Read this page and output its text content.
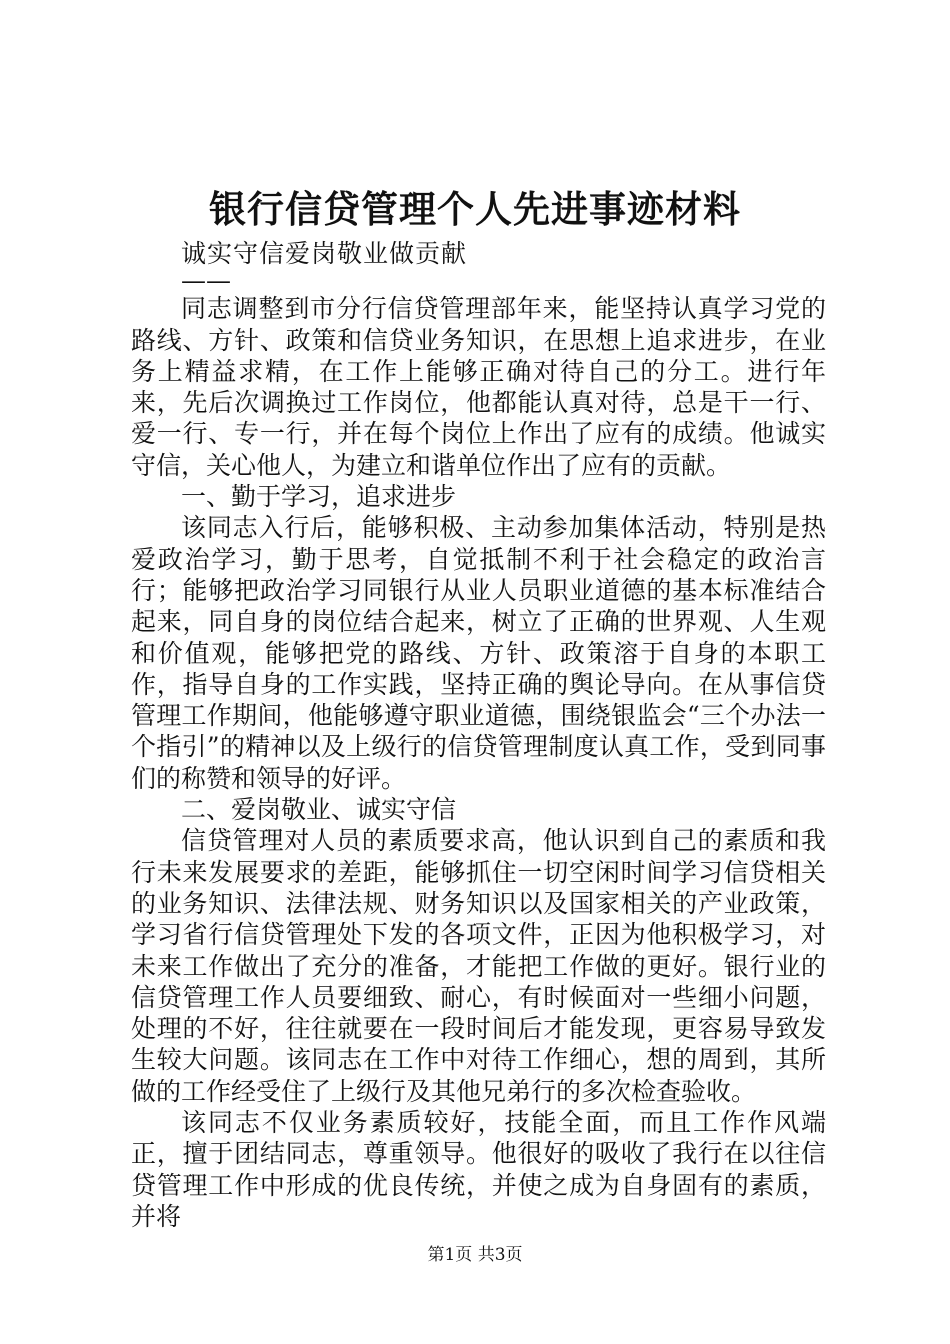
银行信贷管理个人先进事迹材料

诚实守信爱岗敬业做贡献

——

同志调整到市分行信贷管理部年来，能坚持认真学习党的路线、方针、政策和信贷业务知识，在思想上追求进步，在业务上精益求精，在工作上能够正确对待自己的分工。进行年来，先后次调换过工作岗位，他都能认真对待，总是干一行、爱一行、专一行，并在每个岗位上作出了应有的成绩。他诚实守信，关心他人，为建立和谐单位作出了应有的贡献。

一、勤于学习，追求进步

该同志入行后，能够积极、主动参加集体活动，特别是热爱政治学习，勤于思考，自觉抵制不利于社会稳定的政治言行；能够把政治学习同银行从业人员职业道德的基本标准结合起来，同自身的岗位结合起来，树立了正确的世界观、人生观和价值观，能够把党的路线、方针、政策溶于自身的本职工作，指导自身的工作实践，坚持正确的舆论导向。在从事信贷管理工作期间，他能够遵守职业道德，围绕银监会“三个办法一个指引”的精神以及上级行的信贷管理制度认真工作，受到同事们的称赞和领导的好评。

二、爱岗敬业、诚实守信

信贷管理对人员的素质要求高，他认识到自己的素质和我行未来发展要求的差距，能够抓住一切空闲时间学习信贷相关的业务知识、法律法规、财务知识以及国家相关的产业政策，学习省行信贷管理处下发的各项文件，正因为他积极学习，对未来工作做出了充分的准备，才能把工作做的更好。银行业的信贷管理工作人员要细致、耐心，有时候面对一些细小问题，处理的不好，往往就要在一段时间后才能发现，更容易导致发生较大问题。该同志在工作中对待工作细心，想的周到，其所做的工作经受住了上级行及其他兄弟行的多次检查验收。

该同志不仅业务素质较好，技能全面，而且工作作风端正，擅于团结同志，尊重领导。他很好的吸收了我行在以往信贷管理工作中形成的优良传统，并使之成为自身固有的素质，并将

第1页 共3页
